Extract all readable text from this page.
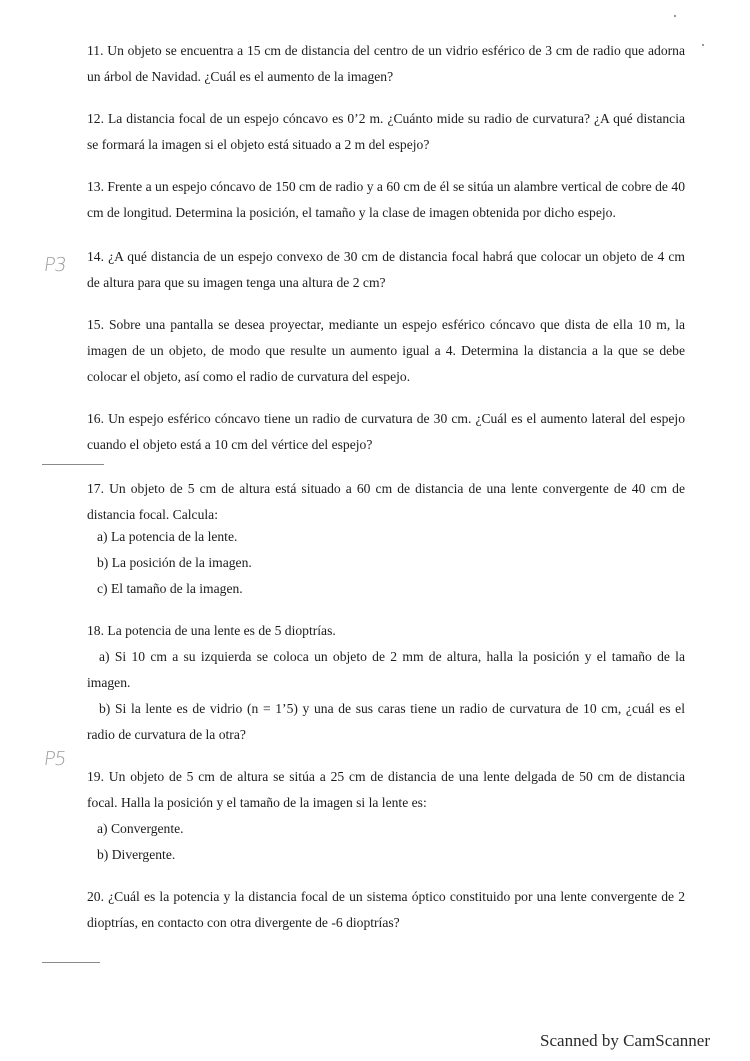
11. Un objeto se encuentra a 15 cm de distancia del centro de un vidrio esférico de 3 cm de radio que adorna un árbol de Navidad. ¿Cuál es el aumento de la imagen?

12. La distancia focal de un espejo cóncavo es 0’2 m. ¿Cuánto mide su radio de curvatura? ¿A qué distancia se formará la imagen si el objeto está situado a 2 m del espejo?

13. Frente a un espejo cóncavo de 150 cm de radio y a 60 cm de él se sitúa un alambre vertical de cobre de 40 cm de longitud. Determina la posición, el tamaño y la clase de imagen obtenida por dicho espejo.

14. ¿A qué distancia de un espejo convexo de 30 cm de distancia focal habrá que colocar un objeto de 4 cm de altura para que su imagen tenga una altura de 2 cm?

15. Sobre una pantalla se desea proyectar, mediante un espejo esférico cóncavo que dista de ella 10 m, la imagen de un objeto, de modo que resulte un aumento igual a 4. Determina la distancia a la que se debe colocar el objeto, así como el radio de curvatura del espejo.

16. Un espejo esférico cóncavo tiene un radio de curvatura de 30 cm. ¿Cuál es el aumento lateral del espejo cuando el objeto está a 10 cm del vértice del espejo?

17. Un objeto de 5 cm de altura está situado a 60 cm de distancia de una lente convergente de 40 cm de distancia focal. Calcula:

a) La potencia de la lente.
b) La posición de la imagen.
c) El tamaño de la imagen.

18. La potencia de una lente es de 5 dioptrías.

a) Si 10 cm a su izquierda se coloca un objeto de 2 mm de altura, halla la posición y el tamaño de la imagen.

b) Si la lente es de vidrio (n = 1’5) y una de sus caras tiene un radio de curvatura de 10 cm, ¿cuál es el radio de curvatura de la otra?

19. Un objeto de 5 cm de altura se sitúa a 25 cm de distancia de una lente delgada de 50 cm de distancia focal. Halla la posición y el tamaño de la imagen si la lente es:

a) Convergente.
b) Divergente.

20. ¿Cuál es la potencia y la distancia focal de un sistema óptico constituido por una lente convergente de 2 dioptrías, en contacto con otra divergente de -6 dioptrías?

P3
P5
Scanned by CamScanner
